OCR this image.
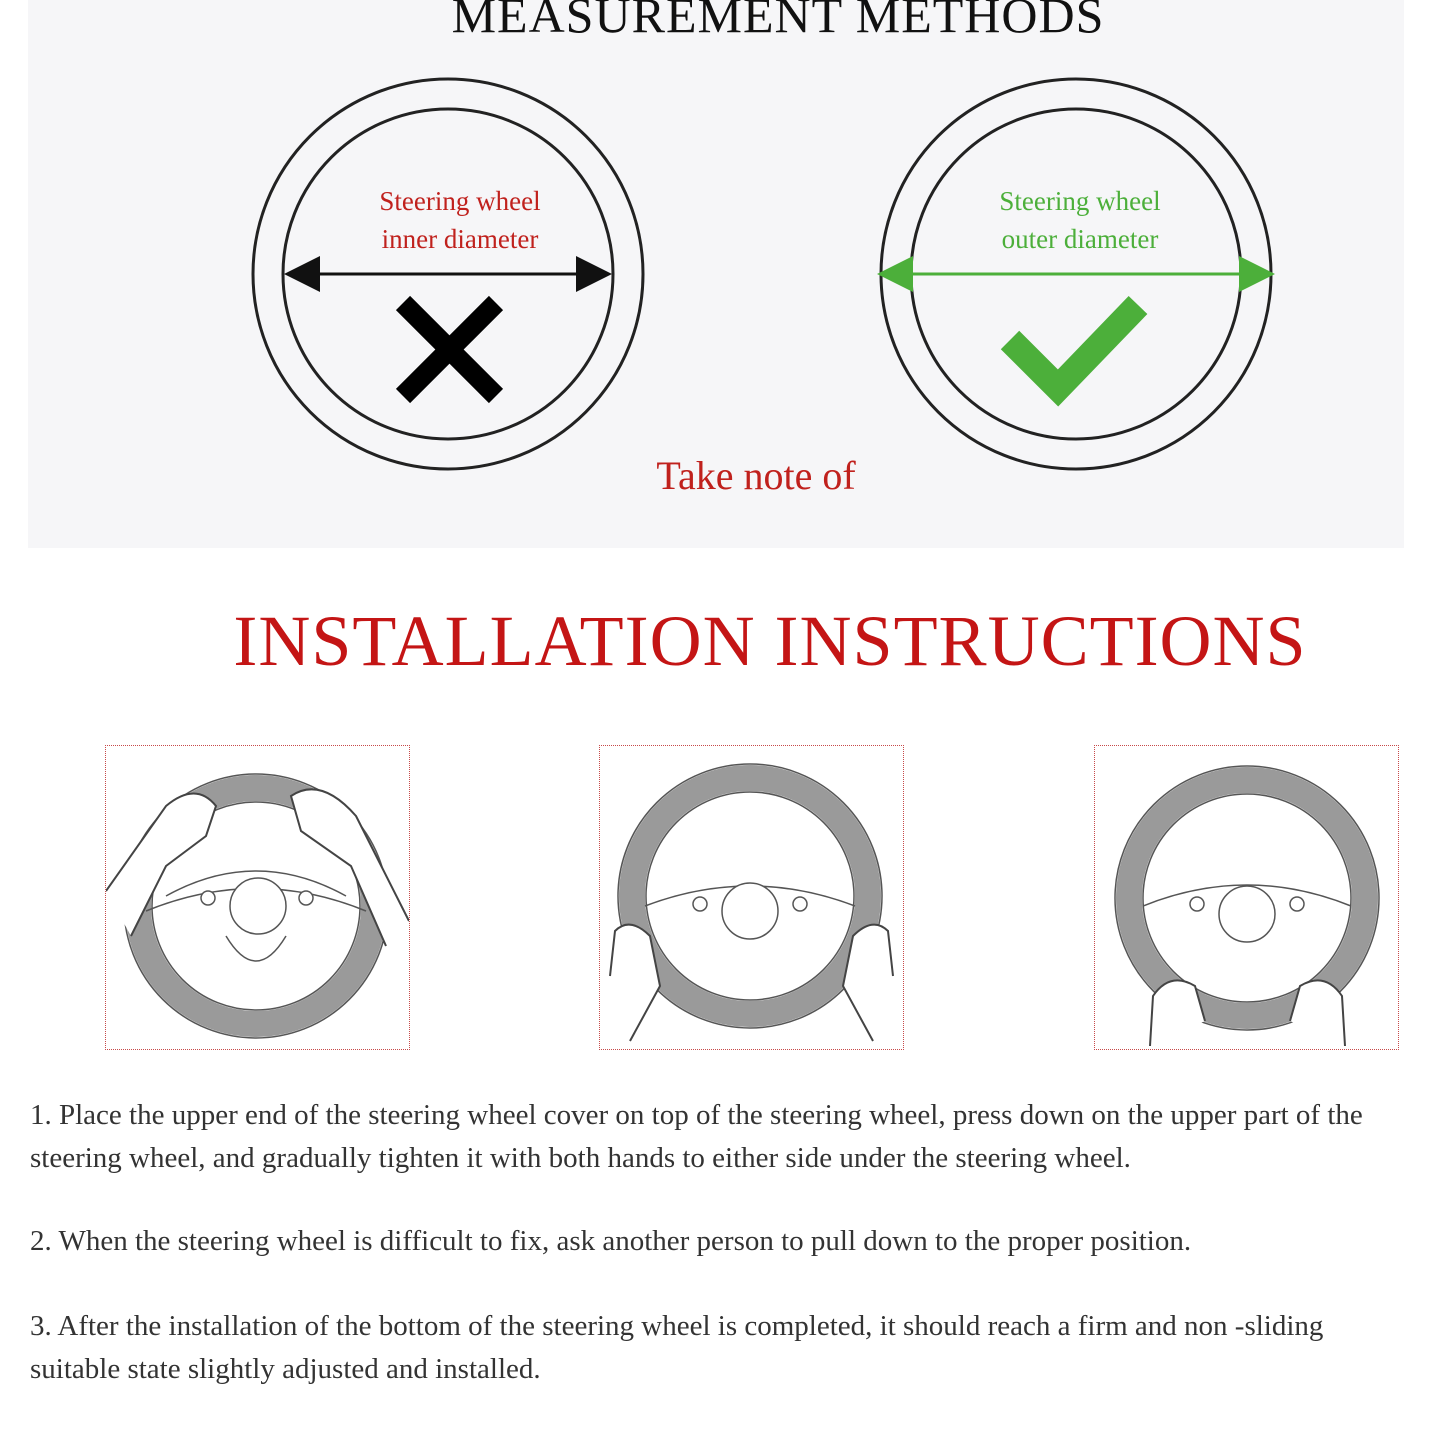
MEASUREMENT METHODS
Steering wheel
inner diameter
Steering wheel
outer diameter
Take note of
INSTALLATION INSTRUCTIONS

1. Place the upper end of the steering wheel cover on top of the steering wheel, press down on the upper part of the steering wheel, and gradually tighten it with both hands to either side under the steering wheel.

2. When the steering wheel is difficult to fix, ask another person to pull down to the proper position.

3. After the installation of the bottom of the steering wheel is completed, it should reach a firm and non -sliding suitable state slightly adjusted and installed.
